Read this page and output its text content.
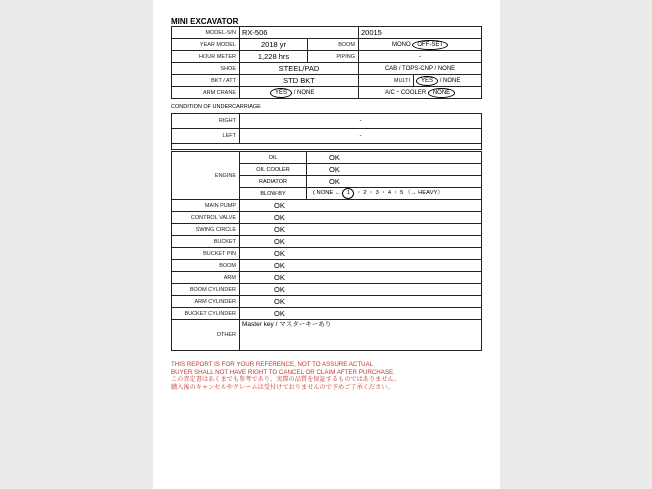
MINI EXCAVATOR
MODEL-S/N	RX-506		20015	
YEAR MODEL	2018 yr	BOOM	MONO OFF-SET	
HOUR METER	1,228 hrs	PIPING	-	
SHOE	STEEL/PAD		CAB / TOPS-CNP / NONE	
BKT / ATT	STD BKT		MULTI	YES / NONE
ARM CRANE	YES / NONE		A/C・COOLER NONE	
CONDITION OF UNDERCARRIAGE
RIGHT	-
LEFT	-

ENGINE	OIL	OK
	OIL COOLER	OK
	RADIATOR	OK
	BLOW-BY	( NONE ← 1 ・ 2 ・ 3 ・ 4 ・ 5 （→ HEAVY）
MAIN PUMP	OK	
CONTROL VALVE	OK	
SWING CIRCLE	OK	
BUCKET	OK	
BUCKET PIN	OK	
BOOM	OK	
ARM	OK	
BOOM CYLINDER	OK	
ARM CYLINDER	OK	
BUCKET CYLINDER	OK	
OTHER	Master key / マスターキーあり	
THIS REPORT IS FOR YOUR REFERENCE, NOT TO ASSURE ACTUAL
BUYER SHALL NOT HAVE RIGHT TO CANCEL OR CLAIM AFTER PURCHASE.
この査定書はあくまでも参考であり、実際の品質を保証するものではありません。
購入後のキャンセルやクレームは受付けておりませんので予めご了承ください。
